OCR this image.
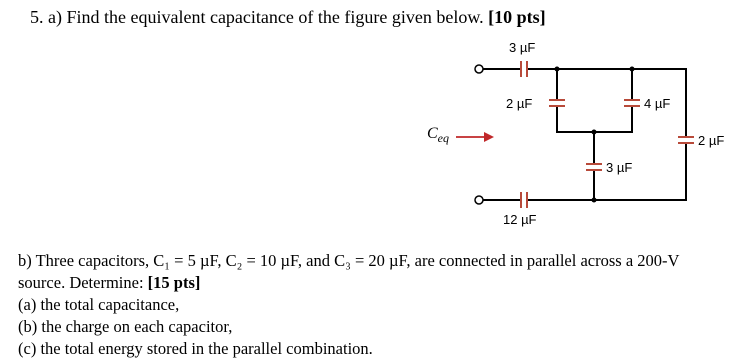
5. a) Find the equivalent capacitance of the figure given below. [10 pts]
$C_{eq}$
3 µF
2 µF	4 µF
2 µF
3 µF
12 µF
b) Three capacitors, C₁ = 5 µF, C₂ = 10 µF, and C₃ = 20 µF, are connected in parallel across a 200-V
source. Determine: [15 pts]
(a) the total capacitance,
(b) the charge on each capacitor,
(c) the total energy stored in the parallel combination.
